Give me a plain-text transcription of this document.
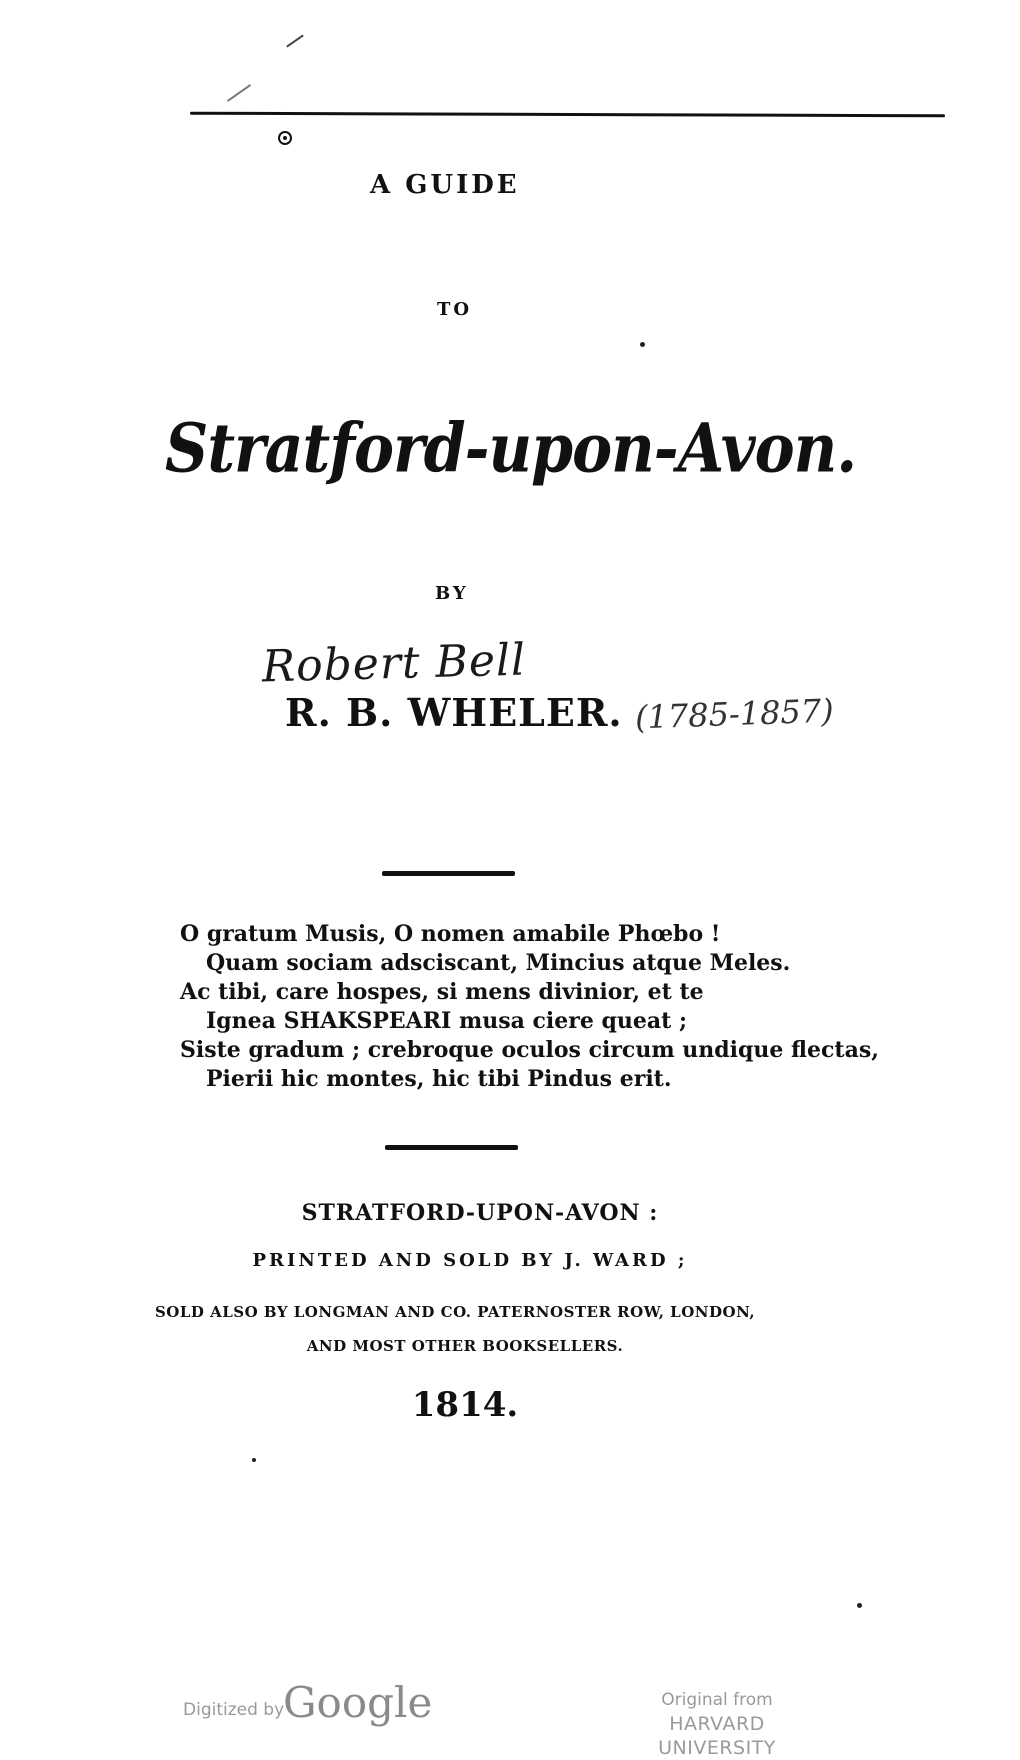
A GUIDE
TO
Stratford-upon-Avon.
BY
Robert Bell
R. B. WHELER. (1785-1857)
O gratum Musis, O nomen amabile Phœbo !
Quam sociam adsciscant, Mincius atque Meles.
Ac tibi, care hospes, si mens divinior, et te
Ignea SHAKSPEARI musa ciere queat ;
Siste gradum ; crebroque oculos circum undique flectas,
Pierii hic montes, hic tibi Pindus erit.
STRATFORD-UPON-AVON :
PRINTED AND SOLD BY J. WARD ;
SOLD ALSO BY LONGMAN AND CO. PATERNOSTER ROW, LONDON,
AND MOST OTHER BOOKSELLERS.
1814.
Digitized by
Google	Original from
HARVARD UNIVERSITY
